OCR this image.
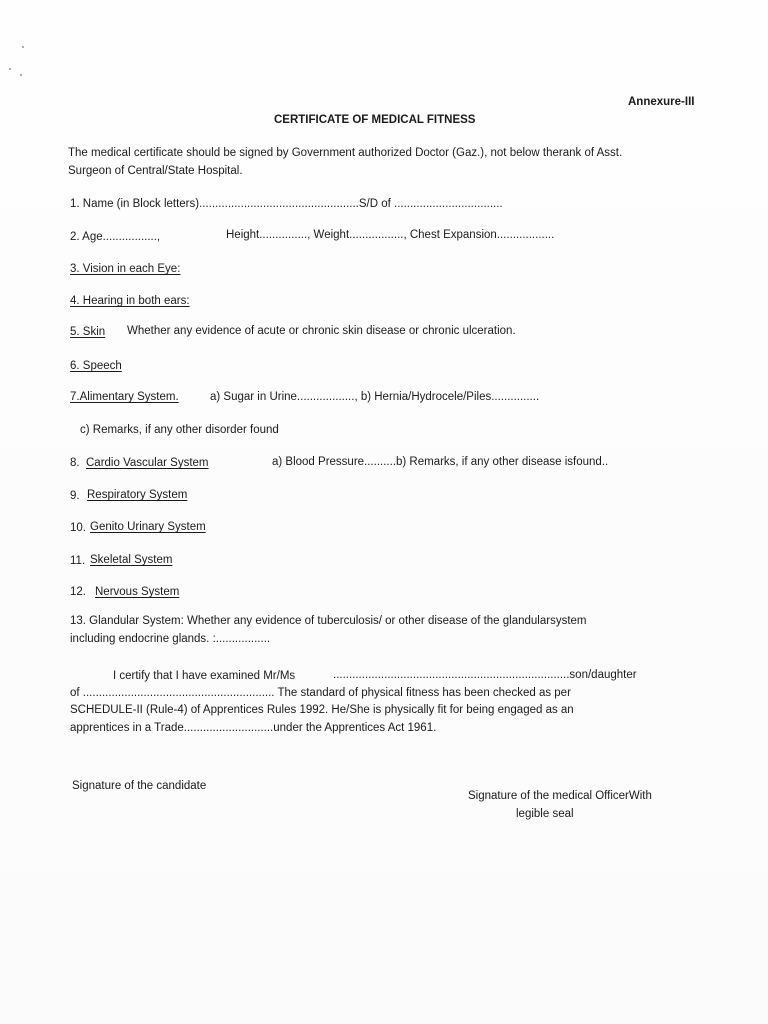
Annexure-III
CERTIFICATE OF MEDICAL FITNESS
The medical certificate should be signed by Government authorized Doctor (Gaz.), not below therank of Asst.
Surgeon of Central/State Hospital.
1. Name (in Block letters)..................................................S/D of ..................................
2. Age.................,	Height..............., Weight................., Chest Expansion..................
3. Vision in each Eye:
4. Hearing in both ears:
5. Skin Whether any evidence of acute or chronic skin disease or chronic ulceration.
6. Speech
7.Alimentary System.	a) Sugar in Urine.................., b) Hernia/Hydrocele/Piles...............
c) Remarks, if any other disorder found
8. Cardio Vascular System	a) Blood Pressure..........b) Remarks, if any other disease isfound..
9. Respiratory System
10. Genito Urinary System
11. Skeletal System
12. Nervous System
13. Glandular System: Whether any evidence of tuberculosis/ or other disease of the glandularsystem
including endocrine glands. :.................
I certify that I have examined Mr/Ms	..........................................................................son/daughter
of ............................................................ The standard of physical fitness has been checked as per
SCHEDULE-II (Rule-4) of Apprentices Rules 1992. He/She is physically fit for being engaged as an
apprentices in a Trade............................under the Apprentices Act 1961.
Signature of the candidate
Signature of the medical OfficerWith
legible seal
